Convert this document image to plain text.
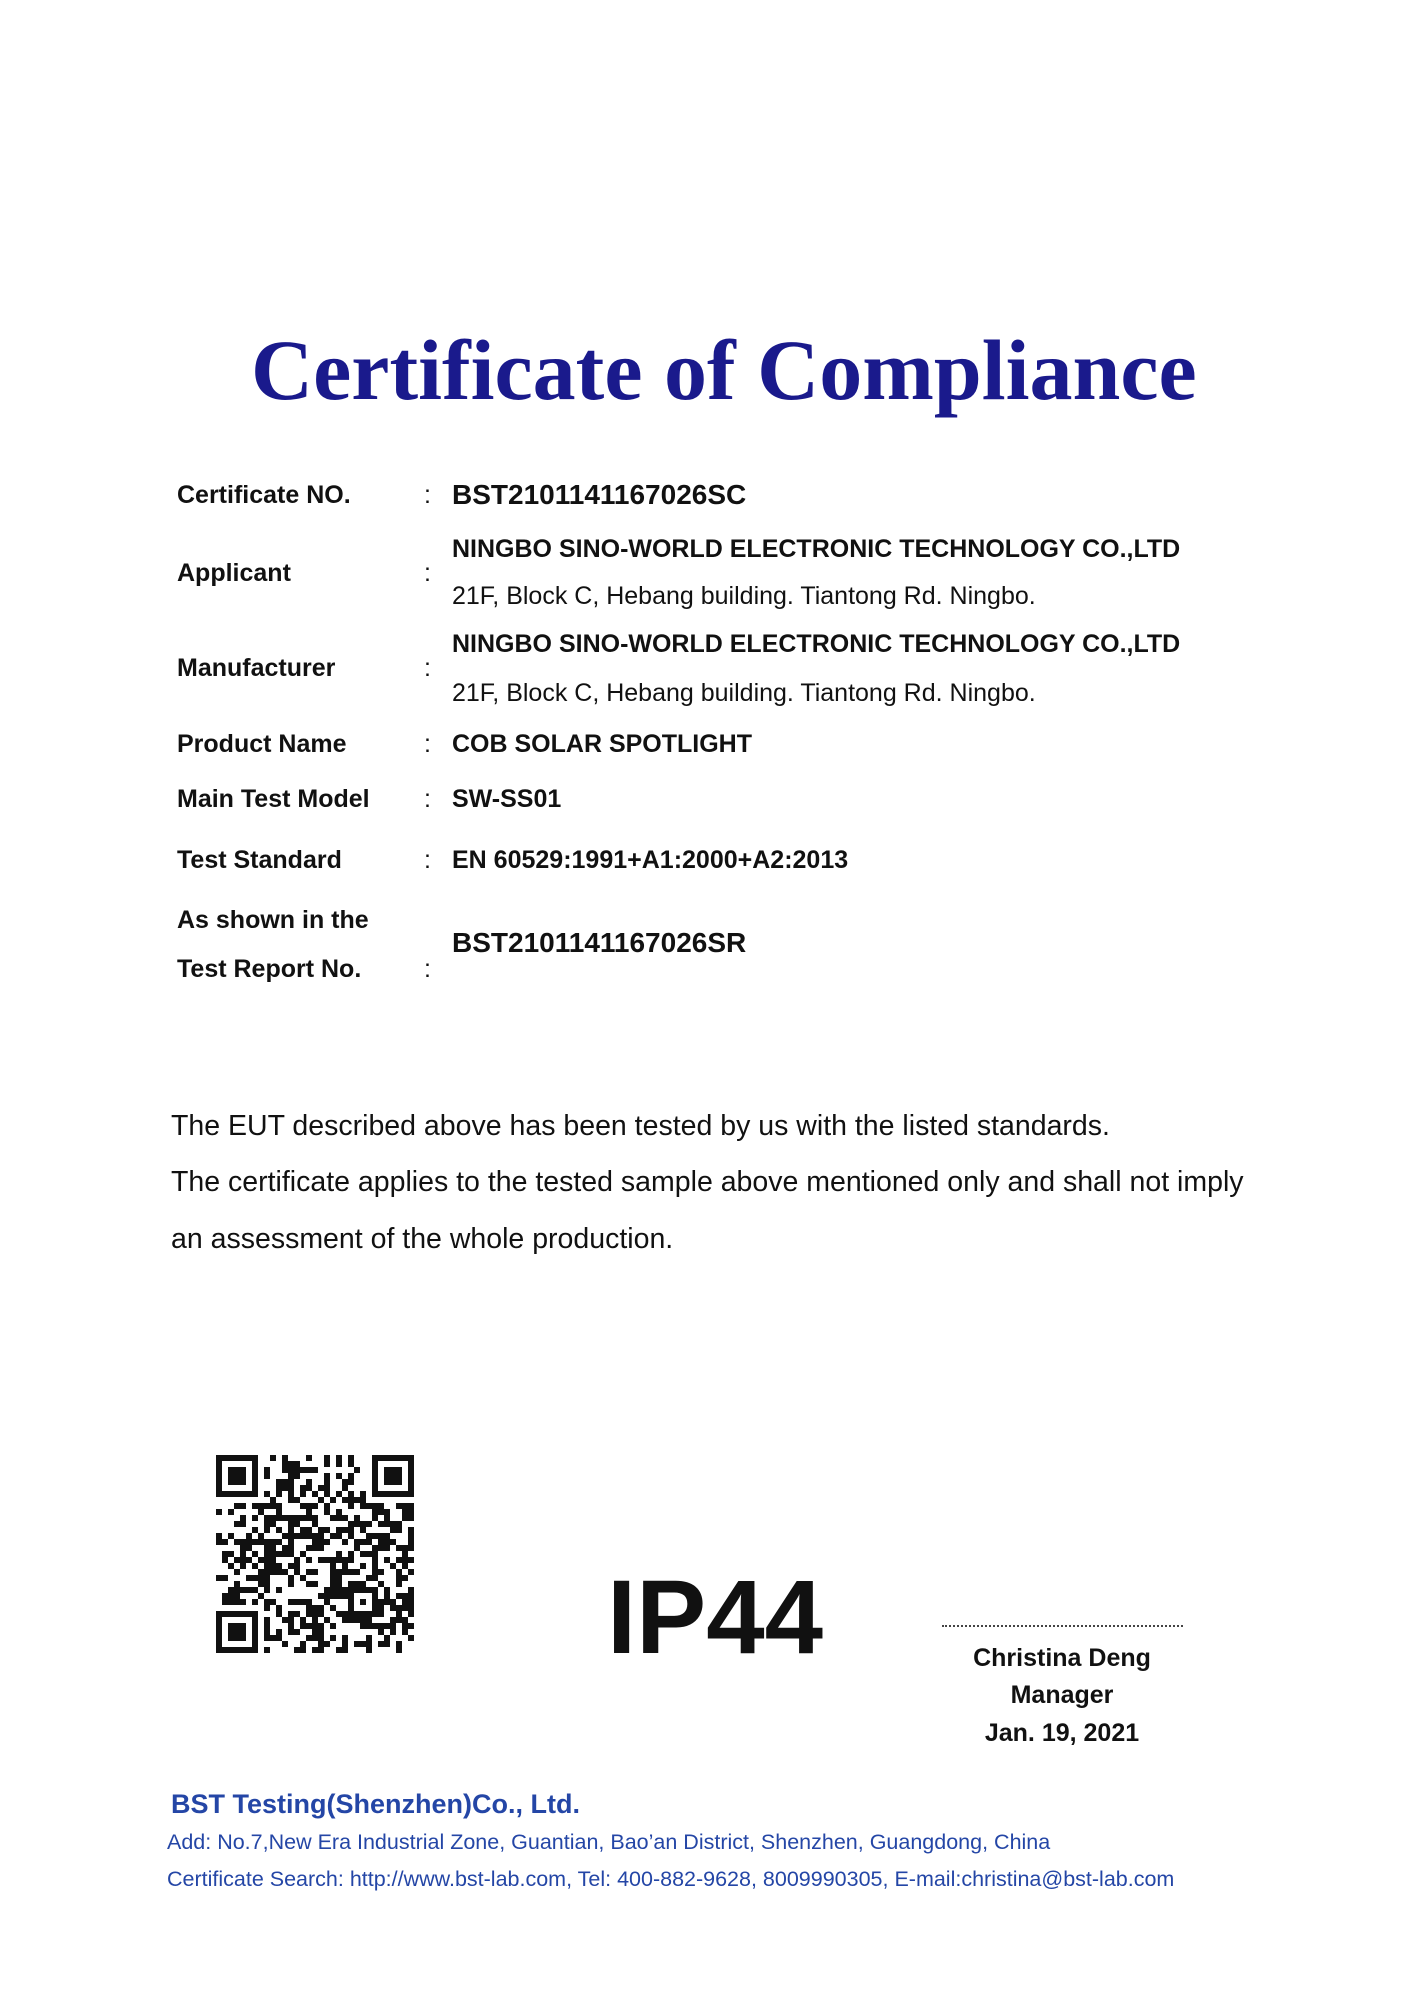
Certificate of Compliance
Certificate NO.	: BST2101141167026SC
Applicant	:
NINGBO SINO-WORLD ELECTRONIC TECHNOLOGY CO.,LTD
21F, Block C, Hebang building. Tiantong Rd. Ningbo.
Manufacturer	:
NINGBO SINO-WORLD ELECTRONIC TECHNOLOGY CO.,LTD
21F, Block C, Hebang building. Tiantong Rd. Ningbo.
Product Name	: COB SOLAR SPOTLIGHT
Main Test Model : SW-SS01
Test Standard	: EN 60529:1991+A1:2000+A2:2013
As shown in the
Test Report No.	:
BST2101141167026SR
The EUT described above has been tested by us with the listed standards.
The certificate applies to the tested sample above mentioned only and shall not imply
an assessment of the whole production.
IP44	Christina Deng
Manager
Jan. 19, 2021
BST Testing(Shenzhen)Co., Ltd.
Add: No.7,New Era Industrial Zone, Guantian, Bao’an District, Shenzhen, Guangdong, China
Certificate Search: http://www.bst-lab.com, Tel: 400-882-9628, 8009990305, E-mail:christina@bst-lab.com
